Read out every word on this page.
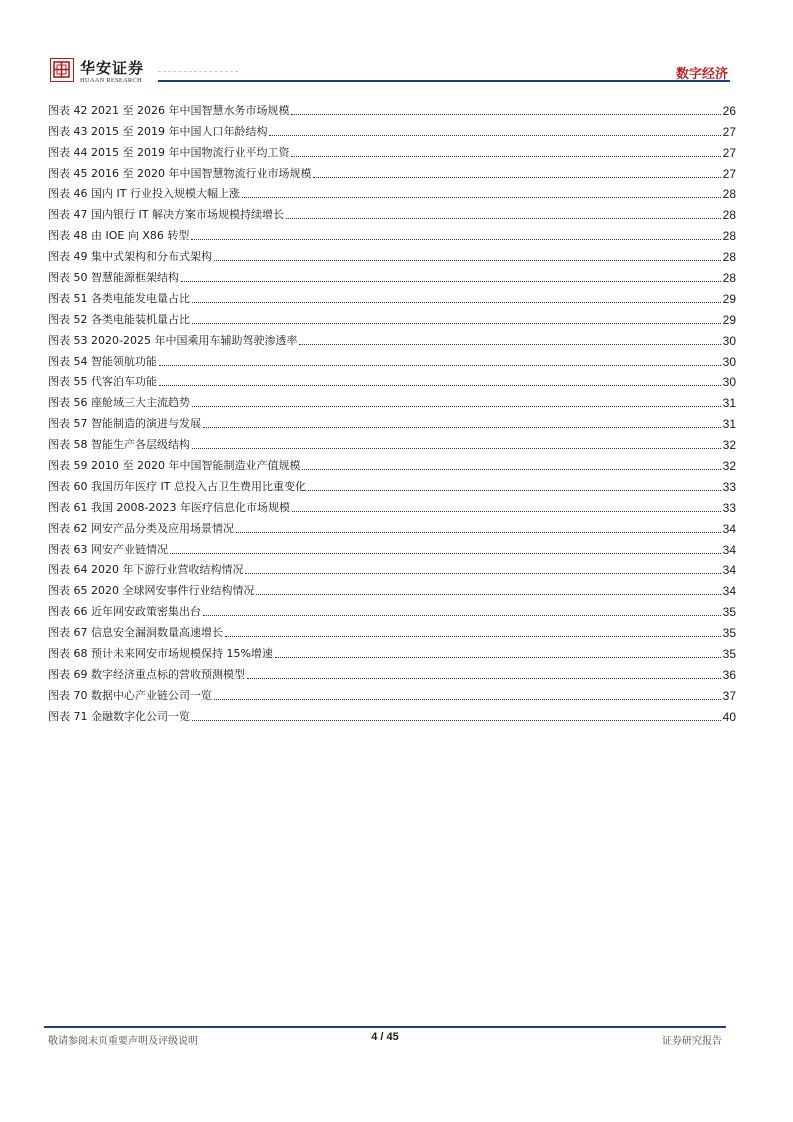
华安证券
HUAAN RESEARCH	数字经济
图表 42 2021 至 2026 年中国智慧水务市场规模	26
图表 43 2015 至 2019 年中国人口年龄结构	27
图表 44 2015 至 2019 年中国物流行业平均工资	27
图表 45 2016 至 2020 年中国智慧物流行业市场规模	27
图表 46 国内 IT 行业投入规模大幅上涨	28
图表 47 国内银行 IT 解决方案市场规模持续增长	28
图表 48 由 IOE 向 X86 转型	28
图表 49 集中式架构和分布式架构	28
图表 50 智慧能源框架结构	28
图表 51 各类电能发电量占比	29
图表 52 各类电能装机量占比	29
图表 53 2020-2025 年中国乘用车辅助驾驶渗透率	30
图表 54 智能领航功能	30
图表 55 代客泊车功能	30
图表 56 座舱域三大主流趋势	31
图表 57 智能制造的演进与发展	31
图表 58 智能生产各层级结构	32
图表 59 2010 至 2020 年中国智能制造业产值规模	32
图表 60 我国历年医疗 IT 总投入占卫生费用比重变化	33
图表 61 我国 2008-2023 年医疗信息化市场规模	33
图表 62 网安产品分类及应用场景情况	34
图表 63 网安产业链情况	34
图表 64 2020 年下游行业营收结构情况	34
图表 65 2020 全球网安事件行业结构情况	34
图表 66 近年网安政策密集出台	35
图表 67 信息安全漏洞数量高速增长	35
图表 68 预计未来网安市场规模保持 15%增速	35
图表 69 数字经济重点标的营收预测模型	36
图表 70 数据中心产业链公司一览	37
图表 71 金融数字化公司一览	40
敬请参阅末页重要声明及评级说明	4 / 45	证券研究报告
